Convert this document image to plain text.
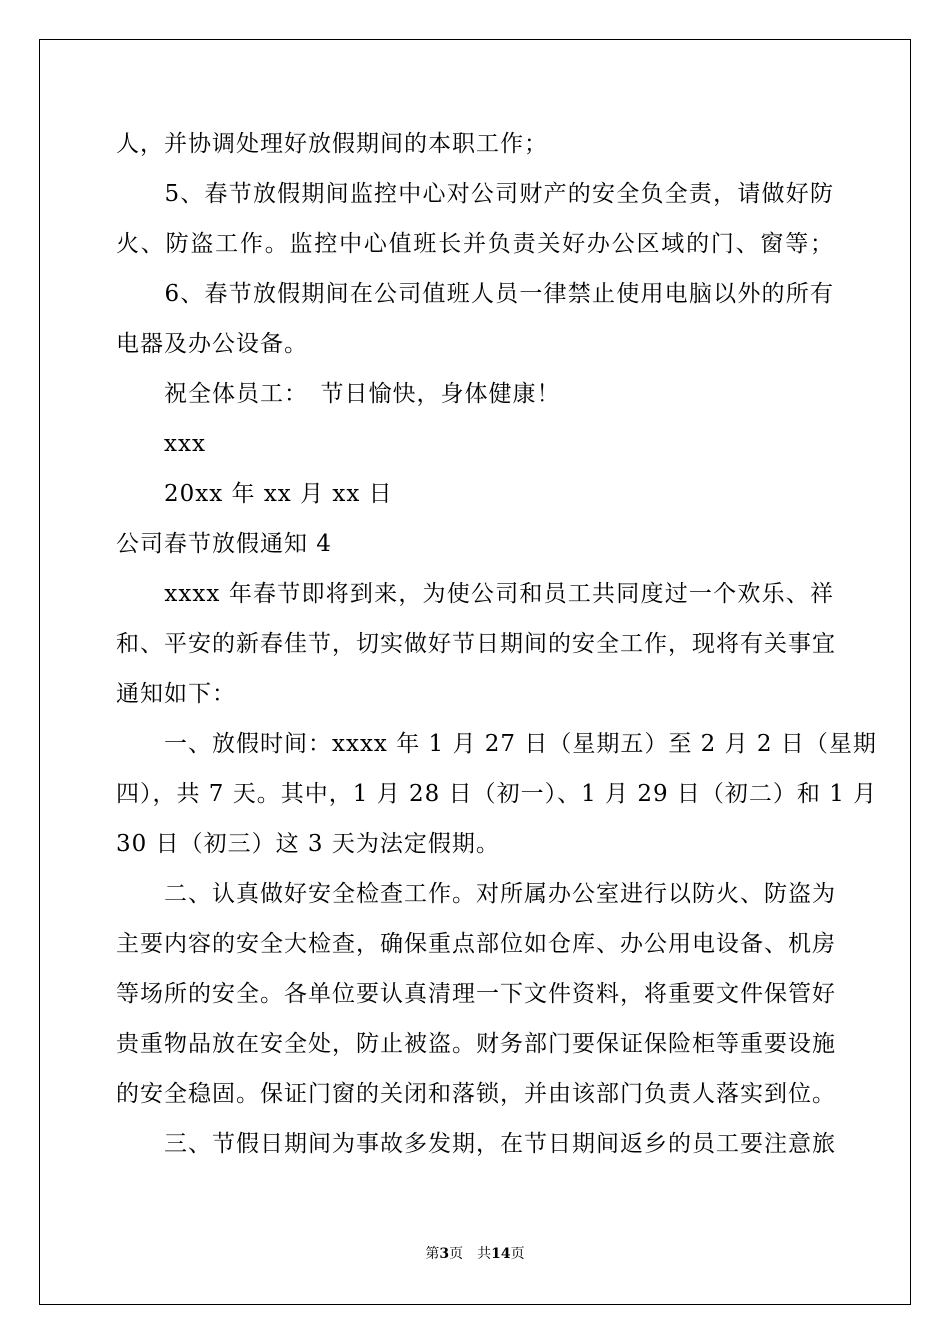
人，并协调处理好放假期间的本职工作；
　　5、春节放假期间监控中心对公司财产的安全负全责，请做好防
火、防盗工作。监控中心值班长并负责关好办公区域的门、窗等；
　　6、春节放假期间在公司值班人员一律禁止使用电脑以外的所有
电器及办公设备。
　　祝全体员工：　节日愉快，身体健康！
　　xxx
　　20xx 年 xx 月 xx 日
公司春节放假通知 4
　　xxxx 年春节即将到来，为使公司和员工共同度过一个欢乐、祥
和、平安的新春佳节，切实做好节日期间的安全工作，现将有关事宜
通知如下：
　　一、放假时间：xxxx 年 1 月 27 日（星期五）至 2 月 2 日（星期
四），共 7 天。其中，1 月 28 日（初一）、1 月 29 日（初二）和 1 月
30 日（初三）这 3 天为法定假期。
　　二、认真做好安全检查工作。对所属办公室进行以防火、防盗为
主要内容的安全大检查，确保重点部位如仓库、办公用电设备、机房
等场所的安全。各单位要认真清理一下文件资料，将重要文件保管好
贵重物品放在安全处，防止被盗。财务部门要保证保险柜等重要设施
的安全稳固。保证门窗的关闭和落锁，并由该部门负责人落实到位。
　　三、节假日期间为事故多发期，在节日期间返乡的员工要注意旅
第3页　共14页
